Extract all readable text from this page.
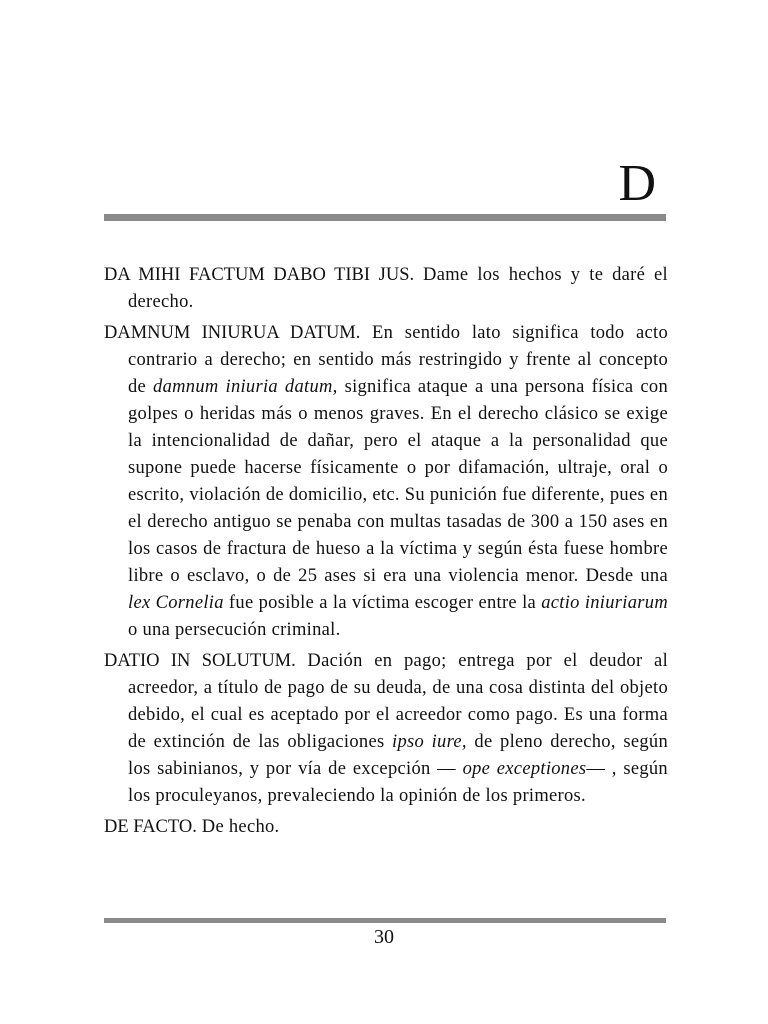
D

DA MIHI FACTUM DABO TIBI JUS. Dame los hechos y te daré el derecho.

DAMNUM INIURUA DATUM. En sentido lato significa todo acto contrario a derecho; en sentido más restringido y frente al concepto de damnum iniuria datum, significa ataque a una persona física con golpes o heridas más o menos graves. En el derecho clásico se exige la intencionalidad de dañar, pero el ataque a la personalidad que supone puede hacerse físicamente o por difamación, ultraje, oral o escrito, violación de domicilio, etc. Su punición fue diferente, pues en el derecho antiguo se penaba con multas tasadas de 300 a 150 ases en los casos de fractura de hueso a la víctima y según ésta fuese hombre libre o esclavo, o de 25 ases si era una violencia menor. Desde una lex Cornelia fue posible a la víctima escoger entre la actio iniuriarum o una persecución criminal.

DATIO IN SOLUTUM. Dación en pago; entrega por el deudor al acreedor, a título de pago de su deuda, de una cosa distinta del objeto debido, el cual es aceptado por el acreedor como pago. Es una forma de extinción de las obligaciones ipso iure, de pleno derecho, según los sabinianos, y por vía de excepción — ope exceptiones— , según los proculeyanos, prevaleciendo la opinión de los primeros.

DE FACTO. De hecho.

30
